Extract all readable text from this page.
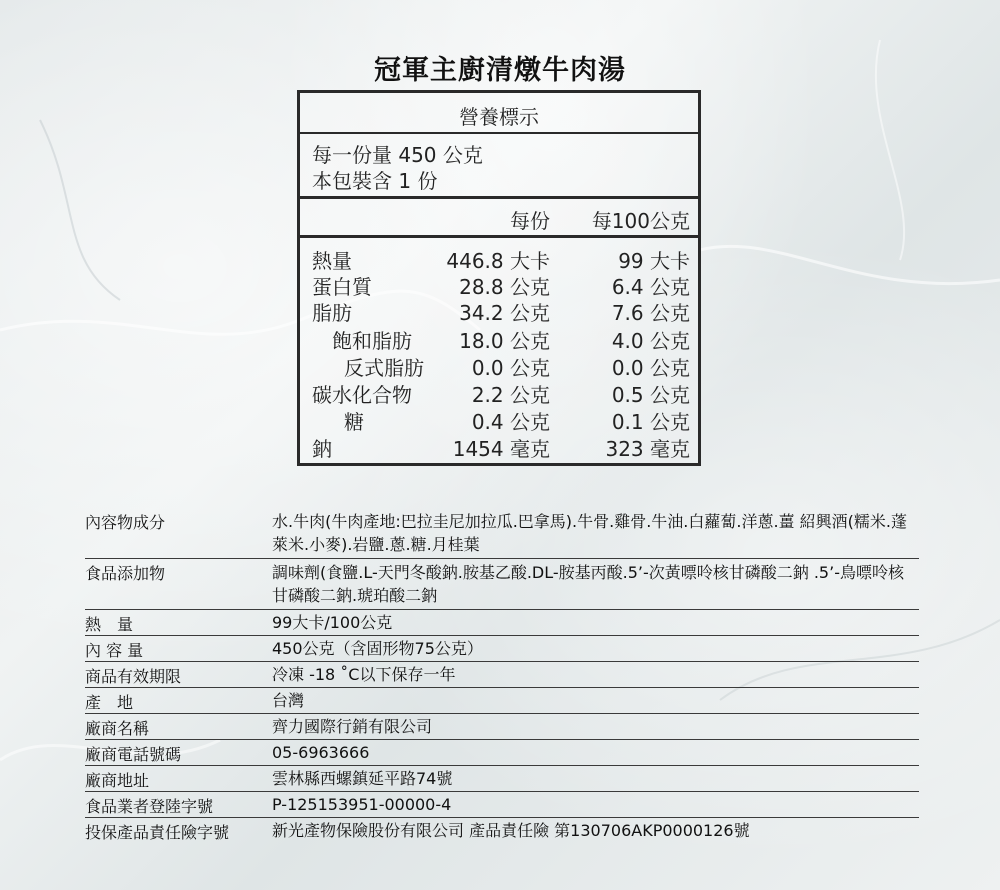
冠軍主廚清燉牛肉湯
營養標示
每一份量 450 公克
本包裝含 1 份
每份 每100公克
熱量	446.8 大卡	99 大卡
蛋白質	28.8 公克	6.4 公克
脂肪	34.2 公克	7.6 公克
飽和脂肪 18.0 公克	4.0 公克
反式脂肪 0.0 公克	0.0 公克
碳水化合物	2.2 公克	0.5 公克
糖	0.4 公克	0.1 公克
鈉	1454 毫克	323 毫克
內容物成分	水.牛肉(牛肉產地:巴拉圭尼加拉瓜.巴拿馬).牛骨.雞骨.牛油.白蘿蔔.洋蔥.薑 紹興酒(糯米.蓬萊米.小麥).岩鹽.蔥.糖.月桂葉
食品添加物	調味劑(食鹽.L-天門冬酸鈉.胺基乙酸.DL-胺基丙酸.5’-次黃嘌呤核甘磷酸二鈉 .5’-鳥嘌呤核甘磷酸二鈉.琥珀酸二鈉
熱　量	99大卡/100公克
內 容 量	450公克（含固形物75公克）
商品有效期限	冷凍 -18 ˚C以下保存一年
產　地	台灣
廠商名稱	齊力國際行銷有限公司
廠商電話號碼	05-6963666
廠商地址	雲林縣西螺鎮延平路74號
食品業者登陸字號	P-125153951-00000-4
投保產品責任險字號	新光產物保險股份有限公司 產品責任險 第130706AKP0000126號
